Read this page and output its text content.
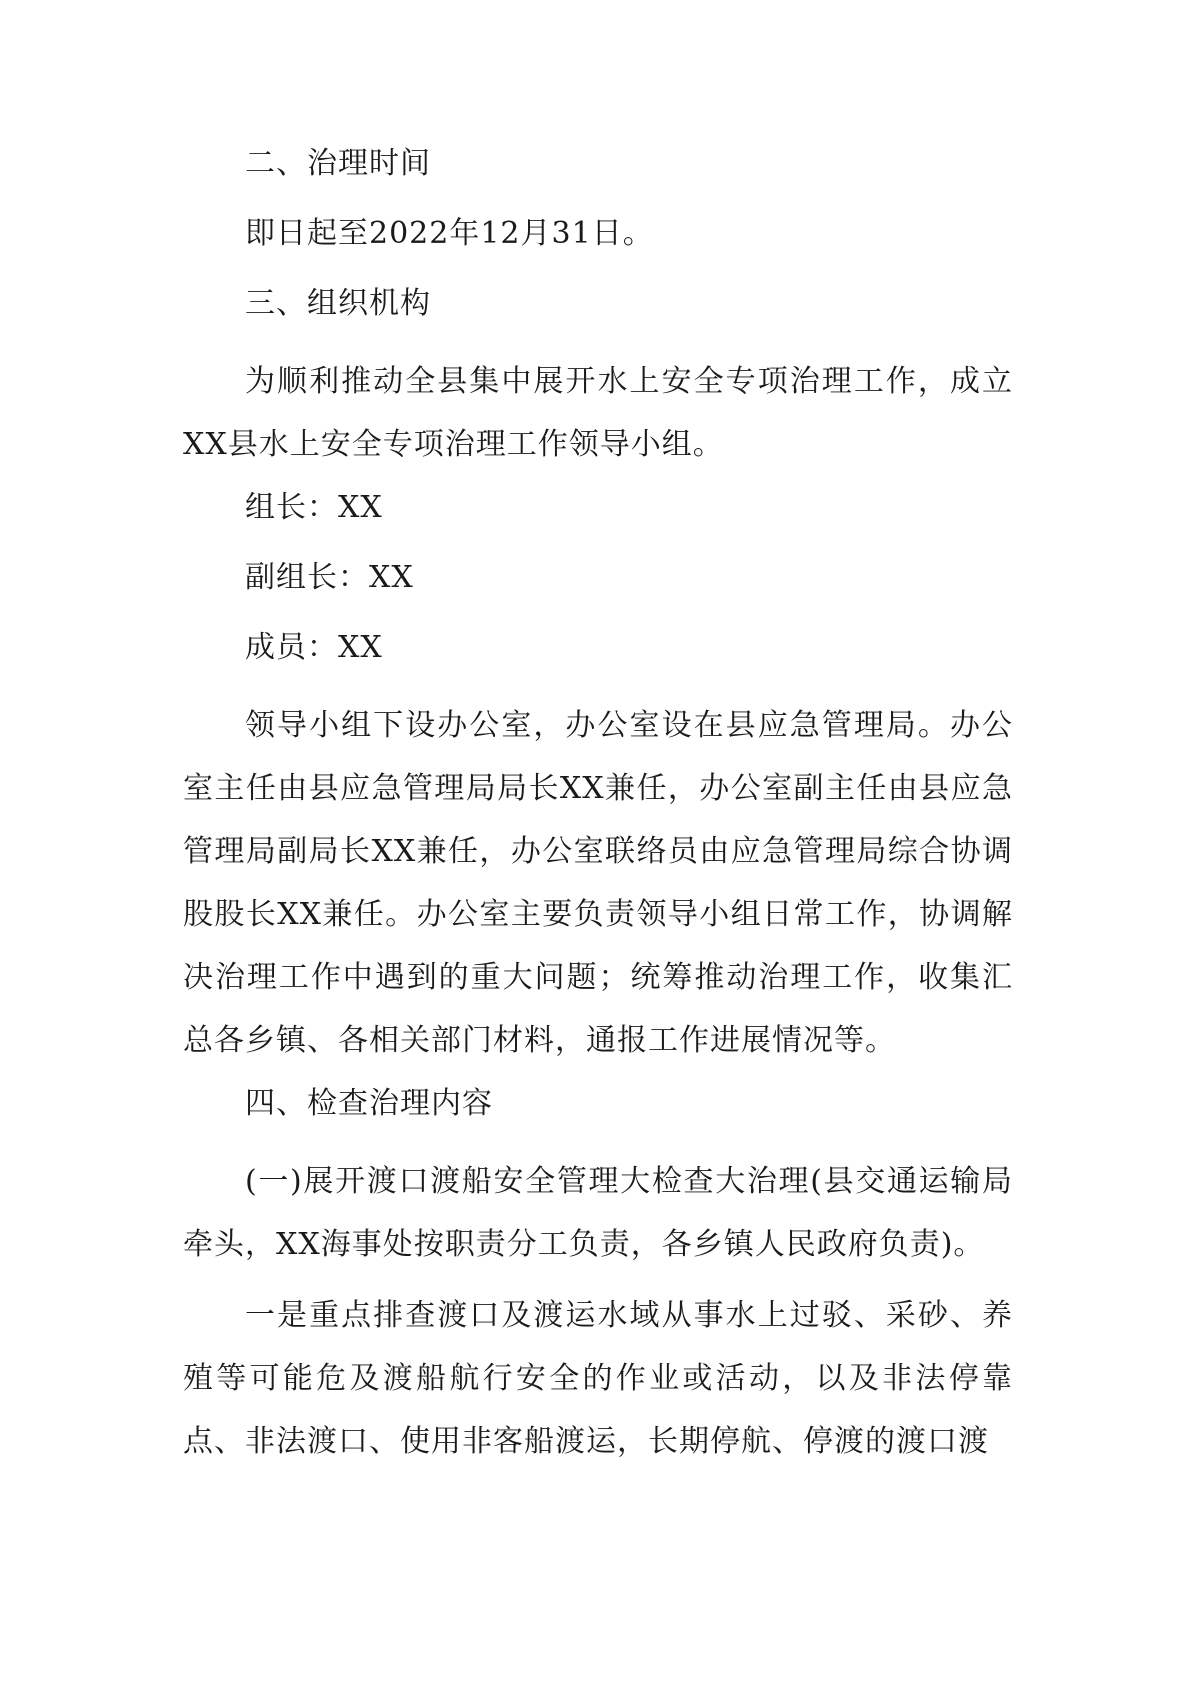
二、治理时间

即日起至2022年12月31日。

三、组织机构

为顺利推动全县集中展开水上安全专项治理工作，成立XX县水上安全专项治理工作领导小组。

组长：XX

副组长：XX

成员：XX

领导小组下设办公室，办公室设在县应急管理局。办公室主任由县应急管理局局长XX兼任，办公室副主任由县应急管理局副局长XX兼任，办公室联络员由应急管理局综合协调股股长XX兼任。办公室主要负责领导小组日常工作，协调解决治理工作中遇到的重大问题；统筹推动治理工作，收集汇总各乡镇、各相关部门材料，通报工作进展情况等。

四、检查治理内容

(一)展开渡口渡船安全管理大检查大治理(县交通运输局牵头，XX海事处按职责分工负责，各乡镇人民政府负责)。

一是重点排查渡口及渡运水域从事水上过驳、采砂、养殖等可能危及渡船航行安全的作业或活动，以及非法停靠点、非法渡口、使用非客船渡运，长期停航、停渡的渡口渡
